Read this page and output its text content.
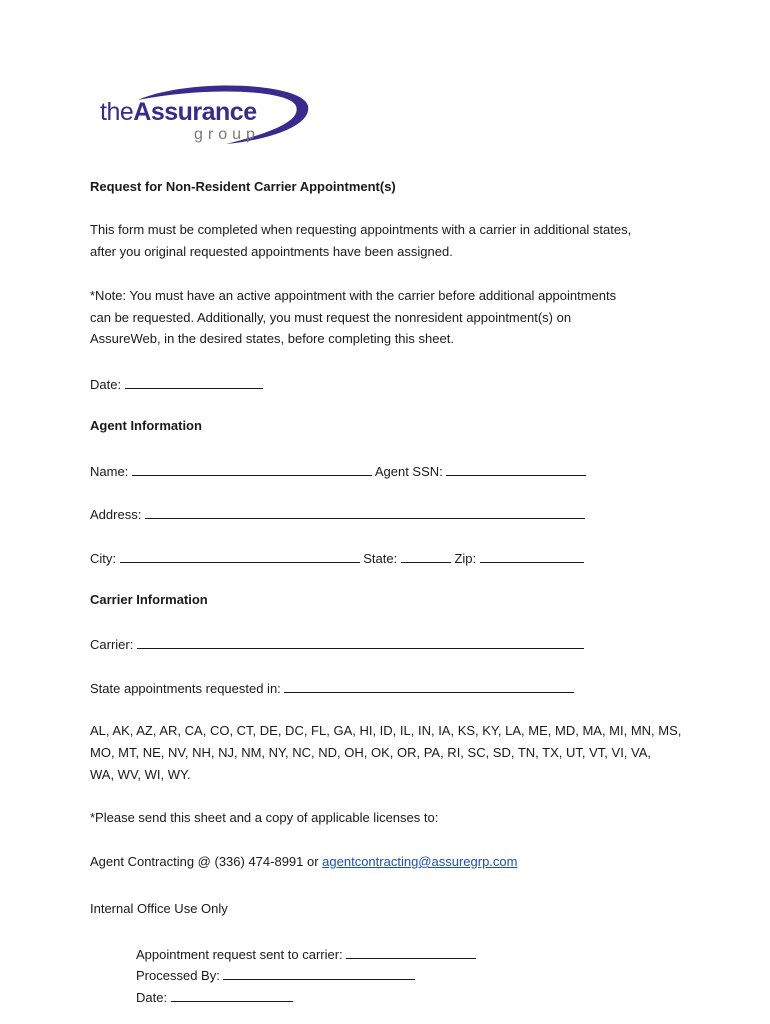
theAssurance
group
Request for Non-Resident Carrier Appointment(s)
This form must be completed when requesting appointments with a carrier in additional states,
after you original requested appointments have been assigned.
*Note: You must have an active appointment with the carrier before additional appointments
can be requested. Additionally, you must request the nonresident appointment(s) on
AssureWeb, in the desired states, before completing this sheet.
Date:
Agent Information
Name:	Agent SSN:
Address:
City:	State:	Zip:
Carrier Information
Carrier:
State appointments requested in:
AL, AK, AZ, AR, CA, CO, CT, DE, DC, FL, GA, HI, ID, IL, IN, IA, KS, KY, LA, ME, MD, MA, MI, MN, MS,
MO, MT, NE, NV, NH, NJ, NM, NY, NC, ND, OH, OK, OR, PA, RI, SC, SD, TN, TX, UT, VT, VI, VA,
WA, WV, WI, WY.
*Please send this sheet and a copy of applicable licenses to:
Agent Contracting @ (336) 474-8991 or agentcontracting@assuregrp.com
Internal Office Use Only
Appointment request sent to carrier:
Processed By:
Date:
